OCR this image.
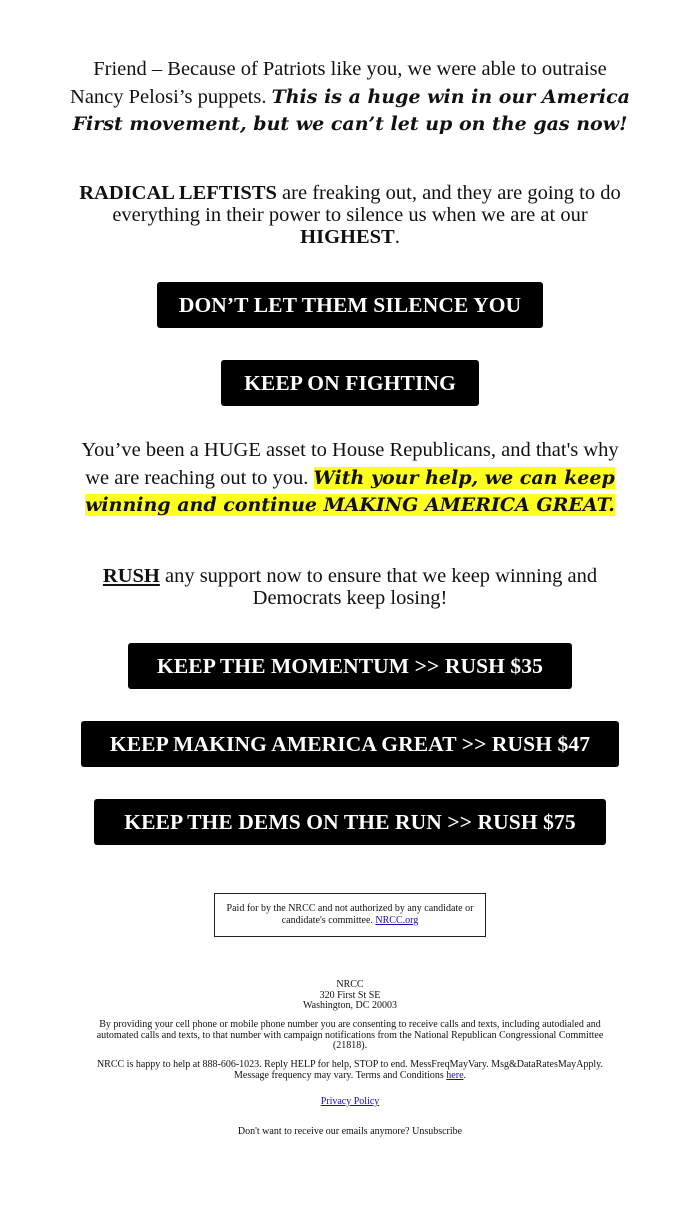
Friend – Because of Patriots like you, we were able to outraise Nancy Pelosi’s puppets. This is a huge win in our America First movement, but we can’t let up on the gas now!

RADICAL LEFTISTS are freaking out, and they are going to do everything in their power to silence us when we are at our HIGHEST.

DON’T LET THEM SILENCE YOU
KEEP ON FIGHTING

You’ve been a HUGE asset to House Republicans, and that's why we are reaching out to you. With your help, we can keep winning and continue MAKING AMERICA GREAT.

RUSH any support now to ensure that we keep winning and Democrats keep losing!

KEEP THE MOMENTUM >> RUSH $35
KEEP MAKING AMERICA GREAT >> RUSH $47
KEEP THE DEMS ON THE RUN >> RUSH $75
Paid for by the NRCC and not authorized by any candidate or candidate's committee. NRCC.org

NRCC
320 First St SE
Washington, DC 20003

By providing your cell phone or mobile phone number you are consenting to receive calls and texts, including autodialed and automated calls and texts, to that number with campaign notifications from the National Republican Congressional Committee (21818).

NRCC is happy to help at 888-606-1023. Reply HELP for help, STOP to end. MessFreqMayVary. Msg&DataRatesMayApply. Message frequency may vary. Terms and Conditions here.

Privacy Policy

Don't want to receive our emails anymore? Unsubscribe
